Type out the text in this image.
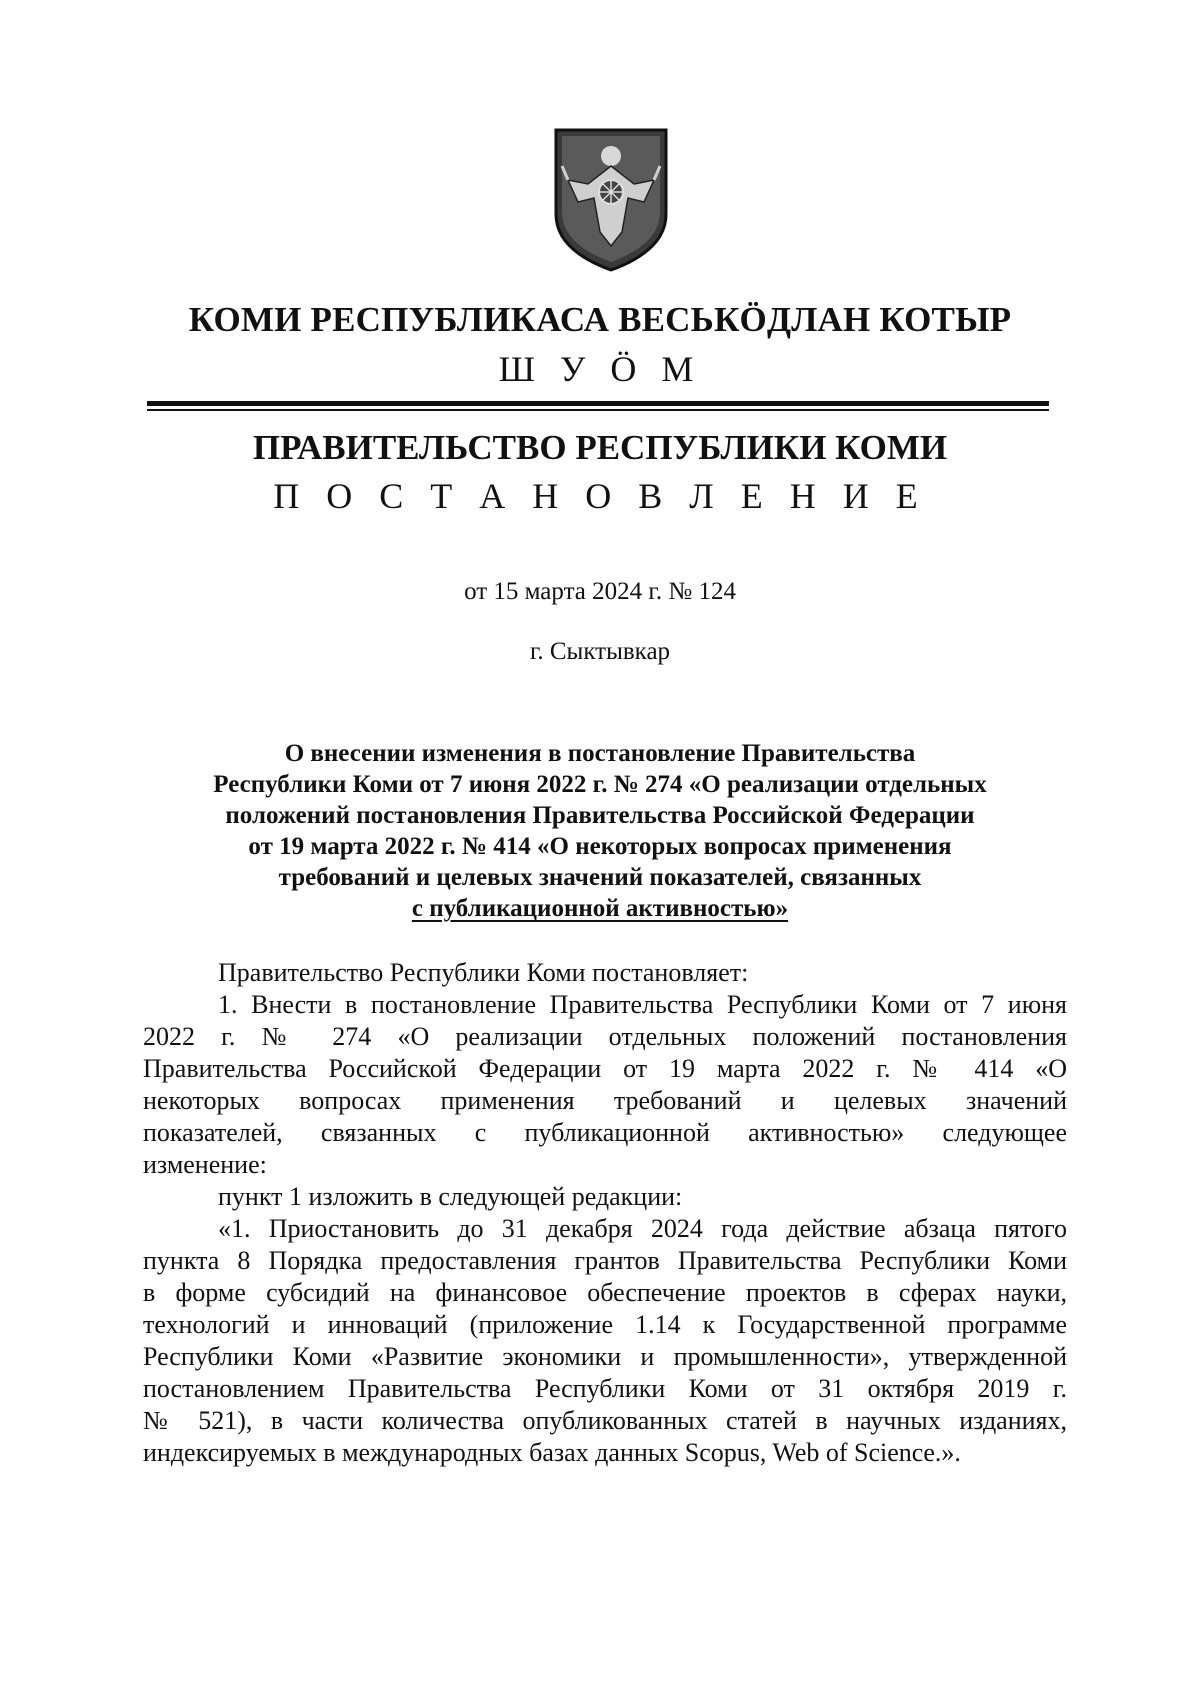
КОМИ РЕСПУБЛИКАСА ВЕСЬКӦДЛАН КОТЫР
Ш У Ӧ М
ПРАВИТЕЛЬСТВО РЕСПУБЛИКИ КОМИ
П О С Т А Н О В Л Е Н И Е
от 15 марта 2024 г. № 124
г. Сыктывкар
О внесении изменения в постановление Правительства
Республики Коми от 7 июня 2022 г. № 274 «О реализации отдельных
положений постановления Правительства Российской Федерации
от 19 марта 2022 г. № 414 «О некоторых вопросах применения
требований и целевых значений показателей, связанных
с публикационной активностью»
Правительство Республики Коми постановляет:
1. Внести в постановление Правительства Республики Коми от 7 июня
2022 г. № 274 «О реализации отдельных положений постановления
Правительства Российской Федерации от 19 марта 2022 г. № 414 «О
некоторых вопросах применения требований и целевых значений
показателей, связанных с публикационной активностью» следующее
изменение:
пункт 1 изложить в следующей редакции:
«1. Приостановить до 31 декабря 2024 года действие абзаца пятого
пункта 8 Порядка предоставления грантов Правительства Республики Коми
в форме субсидий на финансовое обеспечение проектов в сферах науки,
технологий и инноваций (приложение 1.14 к Государственной программе
Республики Коми «Развитие экономики и промышленности», утвержденной
постановлением Правительства Республики Коми от 31 октября 2019 г.
№ 521), в части количества опубликованных статей в научных изданиях,
индексируемых в международных базах данных Scopus, Web of Science.».
